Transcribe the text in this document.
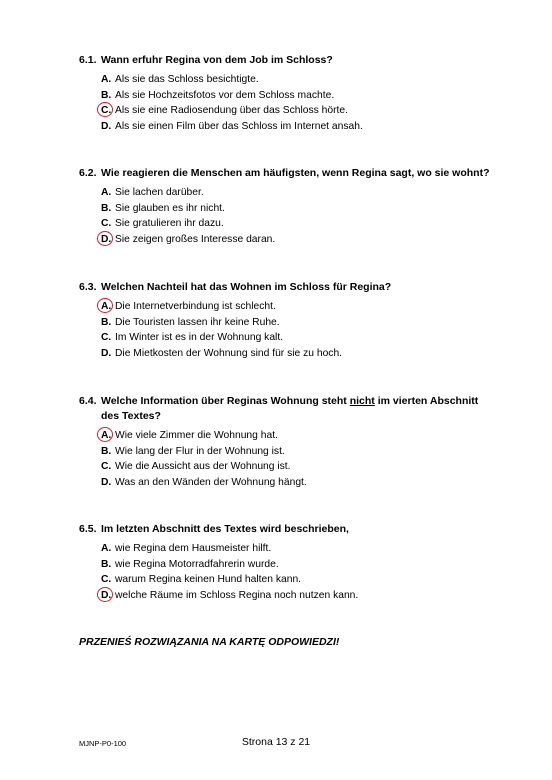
6.1. Wann erfuhr Regina von dem Job im Schloss?
A. Als sie das Schloss besichtigte.
B. Als sie Hochzeitsfotos vor dem Schloss machte.
C. Als sie eine Radiosendung über das Schloss hörte.
D. Als sie einen Film über das Schloss im Internet ansah.
6.2. Wie reagieren die Menschen am häufigsten, wenn Regina sagt, wo sie wohnt?
A. Sie lachen darüber.
B. Sie glauben es ihr nicht.
C. Sie gratulieren ihr dazu.
D. Sie zeigen großes Interesse daran.
6.3. Welchen Nachteil hat das Wohnen im Schloss für Regina?
A. Die Internetverbindung ist schlecht.
B. Die Touristen lassen ihr keine Ruhe.
C. Im Winter ist es in der Wohnung kalt.
D. Die Mietkosten der Wohnung sind für sie zu hoch.
6.4. Welche Information über Reginas Wohnung steht nicht im vierten Abschnitt des Textes?
A. Wie viele Zimmer die Wohnung hat.
B. Wie lang der Flur in der Wohnung ist.
C. Wie die Aussicht aus der Wohnung ist.
D. Was an den Wänden der Wohnung hängt.
6.5. Im letzten Abschnitt des Textes wird beschrieben,
A. wie Regina dem Hausmeister hilft.
B. wie Regina Motorradfahrerin wurde.
C. warum Regina keinen Hund halten kann.
D. welche Räume im Schloss Regina noch nutzen kann.
PRZENIEŚ ROZWIĄZANIA NA KARTĘ ODPOWIEDZI!
MJNP-P0-100	Strona 13 z 21
